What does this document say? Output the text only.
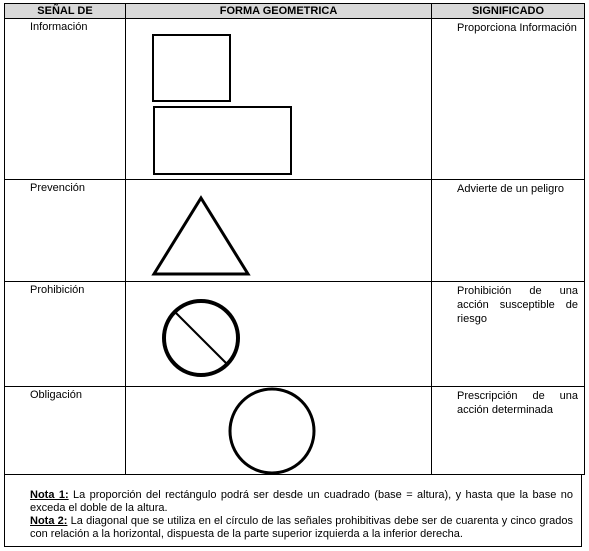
SEÑAL DE	FORMA GEOMETRICA	SIGNIFICADO

Información		Proporciona Información

Prevención		Advierte de un peligro

Prohibición		Prohibición de una acción susceptible de riesgo

Obligación		Prescripción de una acción determinada
Nota 1: La proporción del rectángulo podrá ser desde un cuadrado (base = altura), y hasta que la base no exceda el doble de la altura.
Nota 2: La diagonal que se utiliza en el círculo de las señales prohibitivas debe ser de cuarenta y cinco grados con relación a la horizontal, dispuesta de la parte superior izquierda a la inferior derecha.
